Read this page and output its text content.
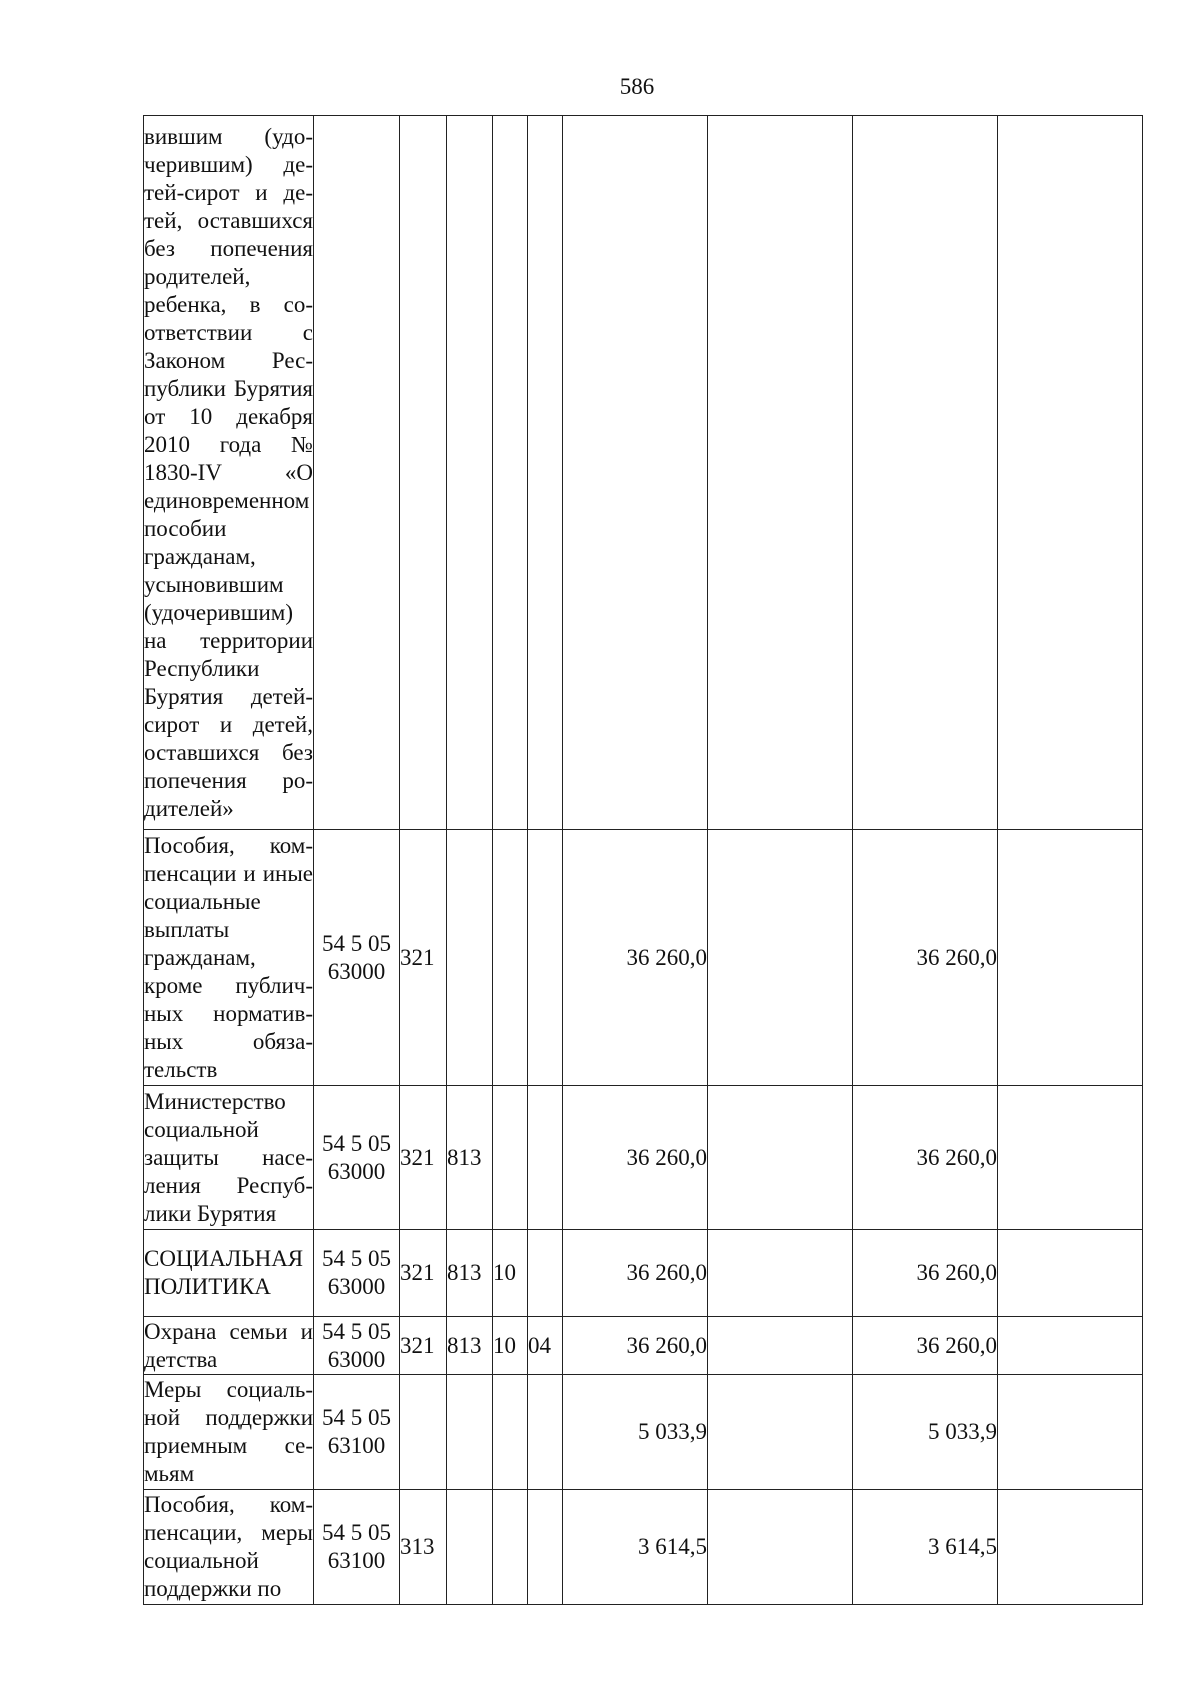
586
вившим (удочерившим) детей-сирот и детей, оставшихся без попечения родителей, ребенка, в соответствии с Законом Республики Бурятия от 10 декабря 2010 года № 1830-IV «О единовременном пособии гражданам, усыновившим (удочерившим) на территории Республики Бурятия детей-сирот и детей, оставшихся без попечения родителей»									
Пособия, компенсации и иные социальные выплаты гражданам, кроме публичных нормативных обязательств	54 5 05 63000	321				36 260,0		36 260,0	
Министерство социальной защиты населения Республики Бурятия	54 5 05 63000	321	813			36 260,0		36 260,0	
СОЦИАЛЬНАЯ ПОЛИТИКА	54 5 05 63000	321	813	10		36 260,0		36 260,0	
Охрана семьи и детства	54 5 05 63000	321	813	10	04	36 260,0		36 260,0	
Меры социальной поддержки приемным семьям	54 5 05 63100					5 033,9		5 033,9	
Пособия, компенсации, меры социальной поддержки по	54 5 05 63100	313				3 614,5		3 614,5	
